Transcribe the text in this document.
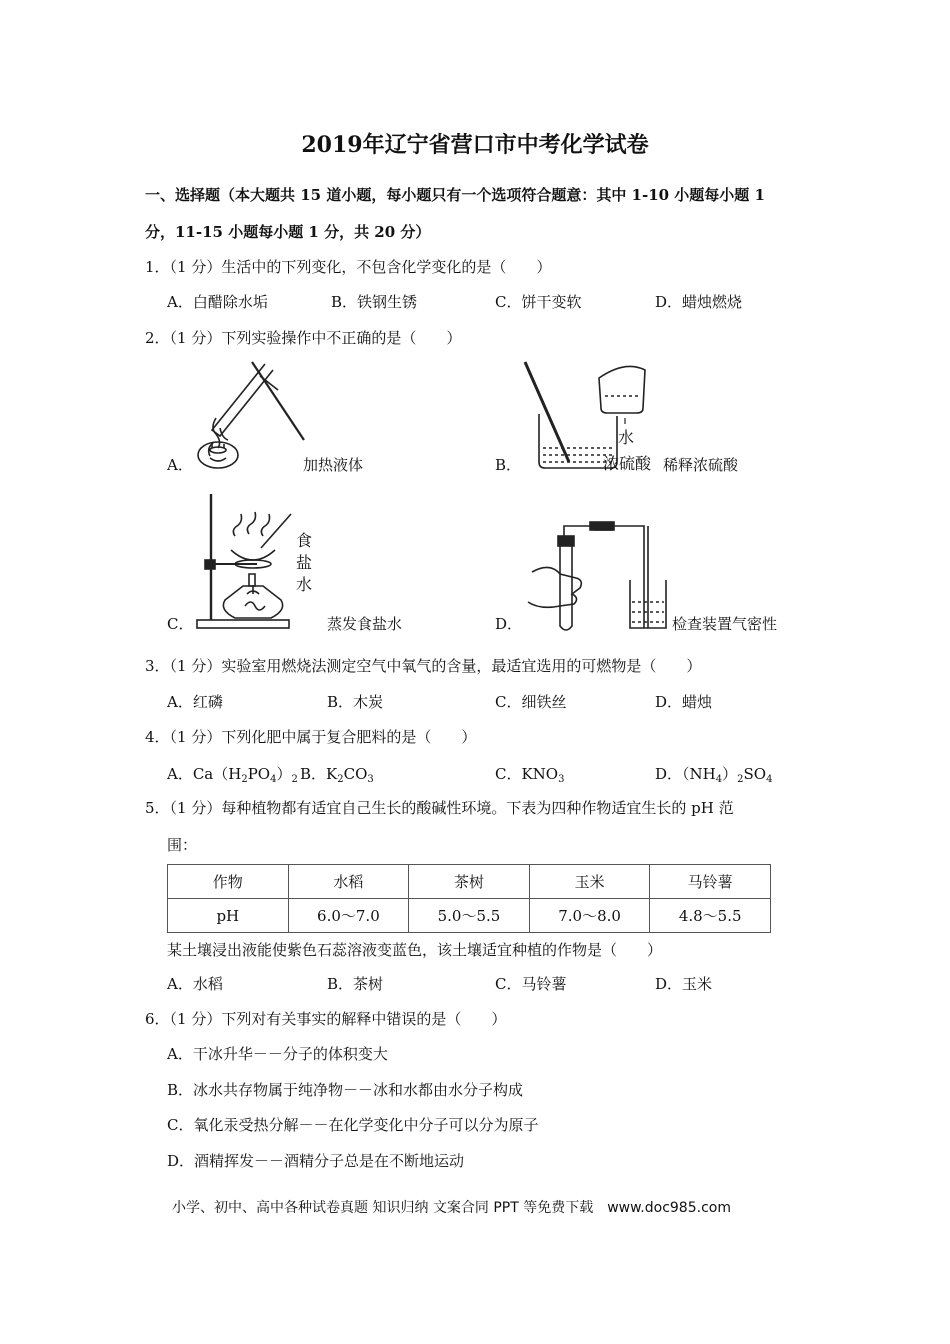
2019年辽宁省营口市中考化学试卷
一、选择题（本大题共 15 道小题，每小题只有一个选项符合题意：其中 1-10 小题每小题 1
分，11-15 小题每小题 1 分，共 20 分）
1．（1 分）生活中的下列变化，不包含化学变化的是（　　）
A．白醋除水垢	B．铁钢生锈	C．饼干变软	D．蜡烛燃烧
2．（1 分）下列实验操作中不正确的是（　　）
A．	加热液体
水
浓硫酸
B．	稀释浓硫酸
食
盐
水
C．	蒸发食盐水	D．	检查装置气密性
3．（1 分）实验室用燃烧法测定空气中氧气的含量，最适宜选用的可燃物是（　　）
A．红磷	B．木炭	C．细铁丝	D．蜡烛
4．（1 分）下列化肥中属于复合肥料的是（　　）
A．$Ca(H_2PO_4)_2$ B．$K_2CO_3$	C．$KNO_3$	D．$(NH_4)_2SO_4$
5．（1 分）每种植物都有适宜自己生长的酸碱性环境。下表为四种作物适宜生长的 pH 范
围：
作物	水稻	茶树	玉米	马铃薯
pH	6.0～7.0	5.0～5.5	7.0～8.0	4.8～5.5
某土壤浸出液能使紫色石蕊溶液变蓝色，该土壤适宜种植的作物是（　　）
A．水稻	B．茶树	C．马铃薯	D．玉米
6．（1 分）下列对有关事实的解释中错误的是（　　）
A．干冰升华－－分子的体积变大
B．冰水共存物属于纯净物－－冰和水都由水分子构成
C．氧化汞受热分解－－在化学变化中分子可以分为原子
D．酒精挥发－－酒精分子总是在不断地运动
小学、初中、高中各种试卷真题 知识归纳 文案合同 PPT 等免费下载　www.doc985.com
